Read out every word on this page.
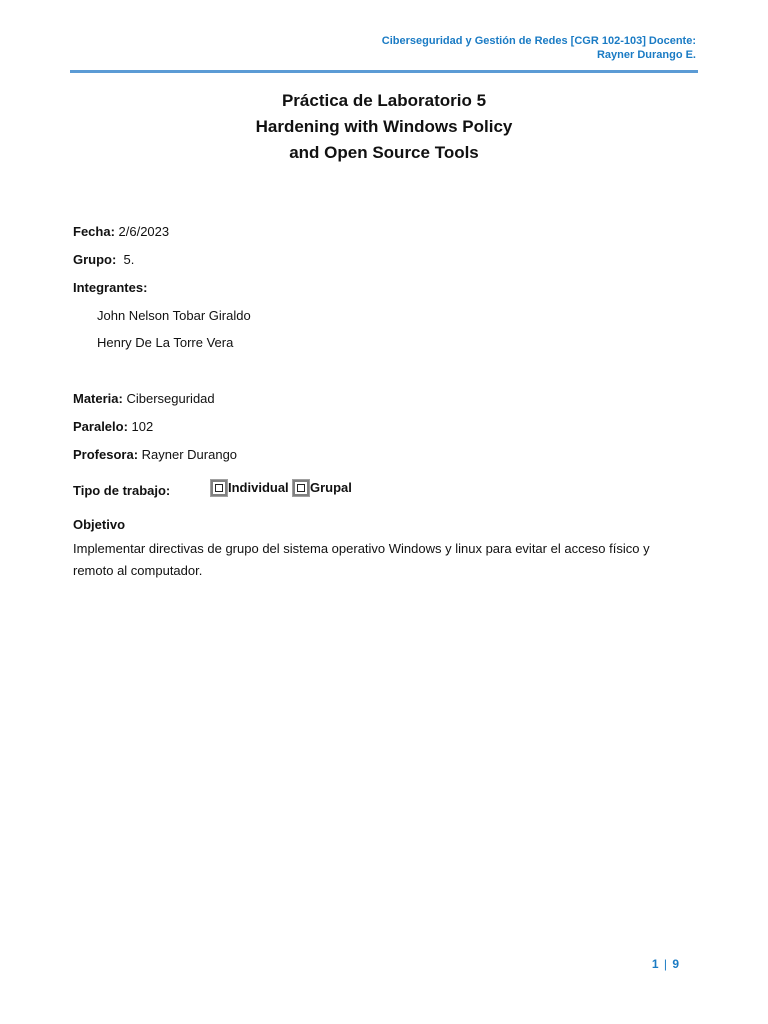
Ciberseguridad y Gestión de Redes [CGR 102-103] Docente:
Rayner Durango E.
Práctica de Laboratorio 5
Hardening with Windows Policy
and Open Source Tools
Fecha: 2/6/2023
Grupo:  5.
Integrantes:
John Nelson Tobar Giraldo
Henry De La Torre Vera
Materia: Ciberseguridad
Paralelo: 102
Profesora: Rayner Durango
Tipo de trabajo:	Individual Grupal
Objetivo
Implementar directivas de grupo del sistema operativo Windows y linux para evitar el acceso físico y remoto al computador.
1 | 9
